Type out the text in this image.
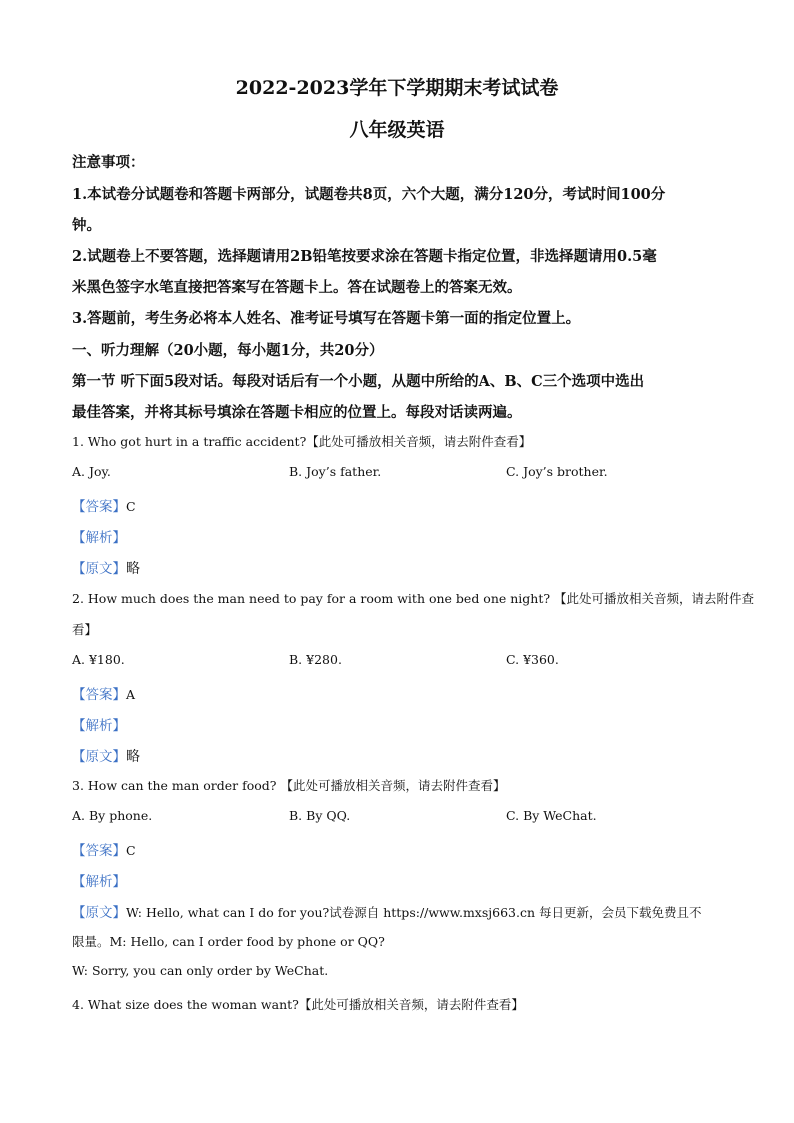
2022-2023学年下学期期末考试试卷
八年级英语
注意事项：
1.本试卷分试题卷和答题卡两部分，试题卷共8页，六个大题，满分120分，考试时间100分
钟。
2.试题卷上不要答题，选择题请用2B铅笔按要求涂在答题卡指定位置，非选择题请用0.5毫
米黑色签字水笔直接把答案写在答题卡上。答在试题卷上的答案无效。
3.答题前，考生务必将本人姓名、准考证号填写在答题卡第一面的指定位置上。
一、听力理解（20小题，每小题1分，共20分）
第一节 听下面5段对话。每段对话后有一个小题，从题中所给的A、B、C三个选项中选出
最佳答案，并将其标号填涂在答题卡相应的位置上。每段对话读两遍。
1. Who got hurt in a traffic accident?【此处可播放相关音频，请去附件查看】
A. Joy.	B. Joy’s father.	C. Joy’s brother.
【答案】C
【解析】
【原文】略
2. How much does the man need to pay for a room with one bed one night? 【此处可播放相关音频，请去附件查
看】
A. ¥180.	B. ¥280.	C. ¥360.
【答案】A
【解析】
【原文】略
3. How can the man order food? 【此处可播放相关音频，请去附件查看】
A. By phone.	B. By QQ.	C. By WeChat.
【答案】C
【解析】
【原文】W: Hello, what can I do for you?试卷源自 https://www.mxsj663.cn 每日更新，会员下载免费且不
限量。M: Hello, can I order food by phone or QQ?
W: Sorry, you can only order by WeChat.
4. What size does the woman want?【此处可播放相关音频，请去附件查看】
